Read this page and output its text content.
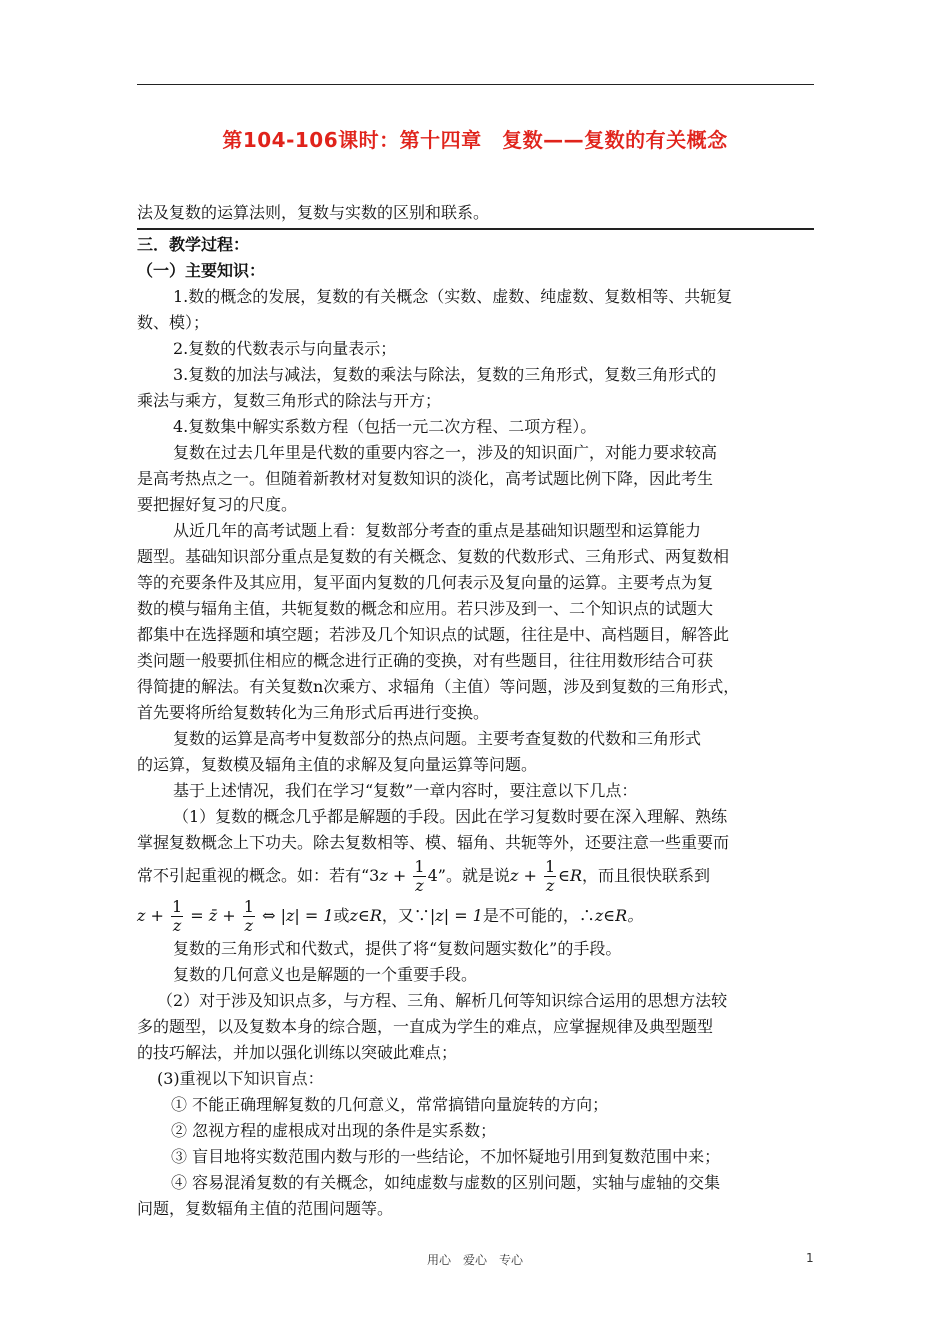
第104-106课时：第十四章　复数——复数的有关概念
法及复数的运算法则，复数与实数的区别和联系。
三．教学过程：
（一）主要知识：
1.数的概念的发展，复数的有关概念（实数、虚数、纯虚数、复数相等、共轭复
数、模）；
2.复数的代数表示与向量表示；
3.复数的加法与减法，复数的乘法与除法，复数的三角形式，复数三角形式的
乘法与乘方，复数三角形式的除法与开方；
4.复数集中解实系数方程（包括一元二次方程、二项方程）。
复数在过去几年里是代数的重要内容之一，涉及的知识面广，对能力要求较高
是高考热点之一。但随着新教材对复数知识的淡化，高考试题比例下降，因此考生
要把握好复习的尺度。
从近几年的高考试题上看：复数部分考查的重点是基础知识题型和运算能力
题型。基础知识部分重点是复数的有关概念、复数的代数形式、三角形式、两复数相
等的充要条件及其应用，复平面内复数的几何表示及复向量的运算。主要考点为复
数的模与辐角主值，共轭复数的概念和应用。若只涉及到一、二个知识点的试题大
都集中在选择题和填空题；若涉及几个知识点的试题，往往是中、高档题目，解答此
类问题一般要抓住相应的概念进行正确的变换，对有些题目，往往用数形结合可获
得简捷的解法。有关复数n次乘方、求辐角（主值）等问题，涉及到复数的三角形式，
首先要将所给复数转化为三角形式后再进行变换。
复数的运算是高考中复数部分的热点问题。主要考查复数的代数和三角形式
的运算，复数模及辐角主值的求解及复向量运算等问题。
基于上述情况，我们在学习“复数”一章内容时，要注意以下几点：
（1）复数的概念几乎都是解题的手段。因此在学习复数时要在深入理解、熟练
掌握复数概念上下功夫。除去复数相等、模、辐角、共轭等外，还要注意一些重要而
常不引起重视的概念。如：若有“$3z + \frac{1}{z} 4$”。就是说$z + \frac{1}{z}$ ∈R，而且很快联系到
$z + \frac{1}{z}$ = z̄ + $\frac{1}{z}$ ⇔ |z| = 1或z∈R，又∵|z| = 1是不可能的，∴z∈R。
复数的三角形式和代数式，提供了将“复数问题实数化”的手段。
复数的几何意义也是解题的一个重要手段。
（2）对于涉及知识点多，与方程、三角、解析几何等知识综合运用的思想方法较
多的题型，以及复数本身的综合题，一直成为学生的难点，应掌握规律及典型题型
的技巧解法，并加以强化训练以突破此难点；
(3)重视以下知识盲点：
① 不能正确理解复数的几何意义，常常搞错向量旋转的方向；
② 忽视方程的虚根成对出现的条件是实系数；
③ 盲目地将实数范围内数与形的一些结论，不加怀疑地引用到复数范围中来；
④ 容易混淆复数的有关概念，如纯虚数与虚数的区别问题，实轴与虚轴的交集
问题，复数辐角主值的范围问题等。
用心　爱心　专心	1
